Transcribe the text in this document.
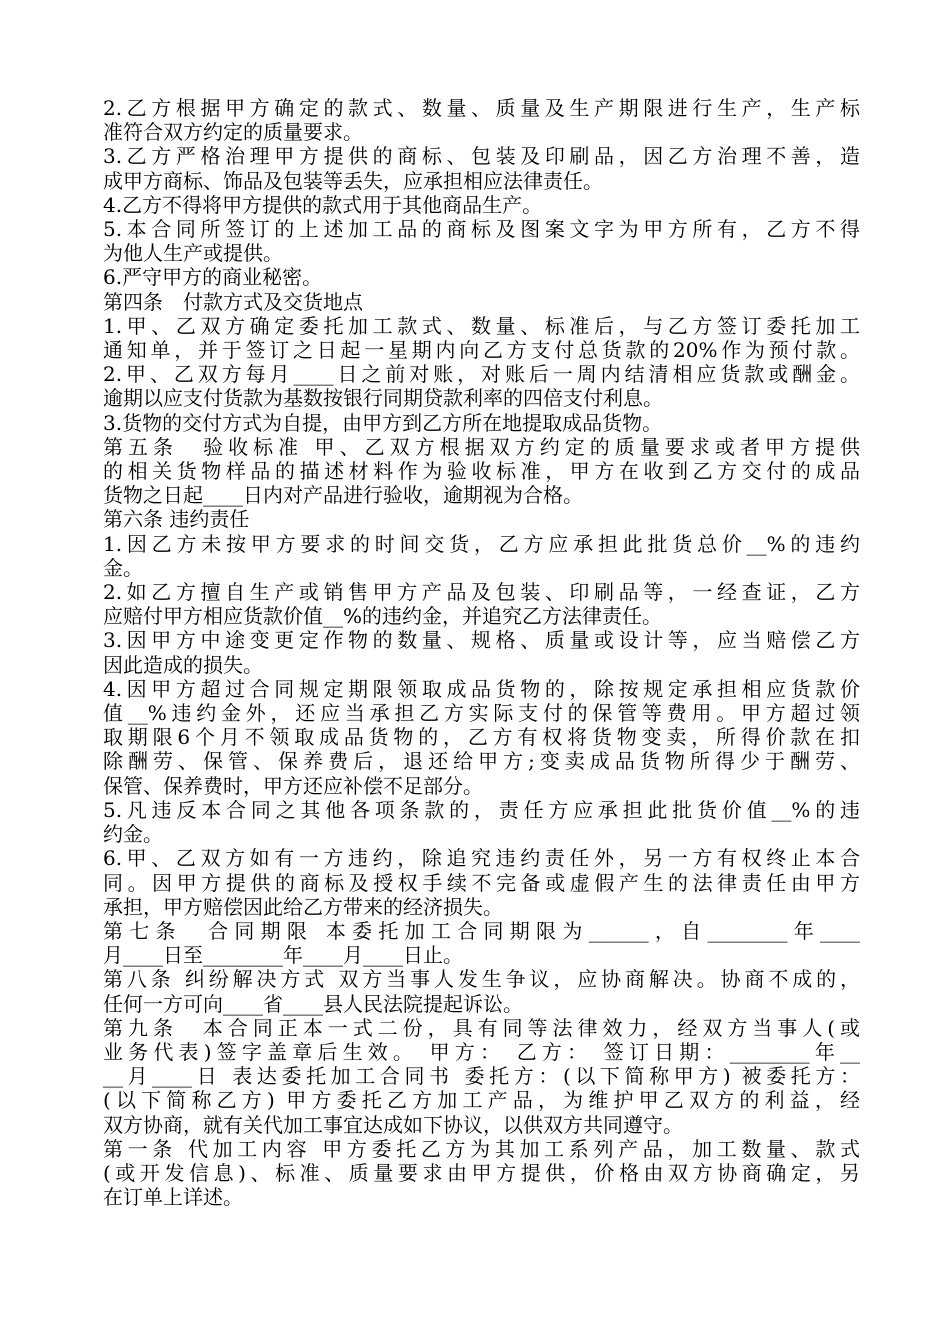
2.乙方根据甲方确定的款式、数量、质量及生产期限进行生产，生产标
准符合双方约定的质量要求。
3.乙方严格治理甲方提供的商标、包装及印刷品，因乙方治理不善，造
成甲方商标、饰品及包装等丢失，应承担相应法律责任。
4.乙方不得将甲方提供的款式用于其他商品生产。
5.本合同所签订的上述加工品的商标及图案文字为甲方所有，乙方不得
为他人生产或提供。
6.严守甲方的商业秘密。
第四条　付款方式及交货地点
1.甲、乙双方确定委托加工款式、数量、标准后，与乙方签订委托加工
通知单，并于签订之日起一星期内向乙方支付总货款的20%作为预付款。
2.甲、乙双方每月____日之前对账，对账后一周内结清相应货款或酬金。
逾期以应支付货款为基数按银行同期贷款利率的四倍支付利息。
3.货物的交付方式为自提，由甲方到乙方所在地提取成品货物。
第五条　验收标准 甲、乙双方根据双方约定的质量要求或者甲方提供
的相关货物样品的描述材料作为验收标准，甲方在收到乙方交付的成品
货物之日起____日内对产品进行验收，逾期视为合格。
第六条 违约责任
1.因乙方未按甲方要求的时间交货，乙方应承担此批货总价__%的违约
金。
2.如乙方擅自生产或销售甲方产品及包装、印刷品等，一经查证，乙方
应赔付甲方相应货款价值__%的违约金，并追究乙方法律责任。
3.因甲方中途变更定作物的数量、规格、质量或设计等，应当赔偿乙方
因此造成的损失。
4.因甲方超过合同规定期限领取成品货物的，除按规定承担相应货款价
值__%违约金外，还应当承担乙方实际支付的保管等费用。甲方超过领
取期限6个月不领取成品货物的，乙方有权将货物变卖，所得价款在扣
除酬劳、保管、保养费后，退还给甲方;变卖成品货物所得少于酬劳、
保管、保养费时，甲方还应补偿不足部分。
5.凡违反本合同之其他各项条款的，责任方应承担此批货价值__%的违
约金。
6.甲、乙双方如有一方违约，除追究违约责任外，另一方有权终止本合
同。因甲方提供的商标及授权手续不完备或虚假产生的法律责任由甲方
承担，甲方赔偿因此给乙方带来的经济损失。
第七条　合同期限 本委托加工合同期限为______，自________年____
月____日至________年____月____日止。
第八条 纠纷解决方式 双方当事人发生争议，应协商解决。协商不成的，
任何一方可向____省____县人民法院提起诉讼。
第九条　本合同正本一式二份，具有同等法律效力，经双方当事人(或
业务代表)签字盖章后生效。 甲方： 乙方： 签订日期：________年__
__月____日 表达委托加工合同书 委托方：(以下简称甲方) 被委托方：
(以下简称乙方) 甲方委托乙方加工产品，为维护甲乙双方的利益，经
双方协商，就有关代加工事宜达成如下协议，以供双方共同遵守。
第一条 代加工内容 甲方委托乙方为其加工系列产品，加工数量、款式
(或开发信息)、标准、质量要求由甲方提供，价格由双方协商确定，另
在订单上详述。
